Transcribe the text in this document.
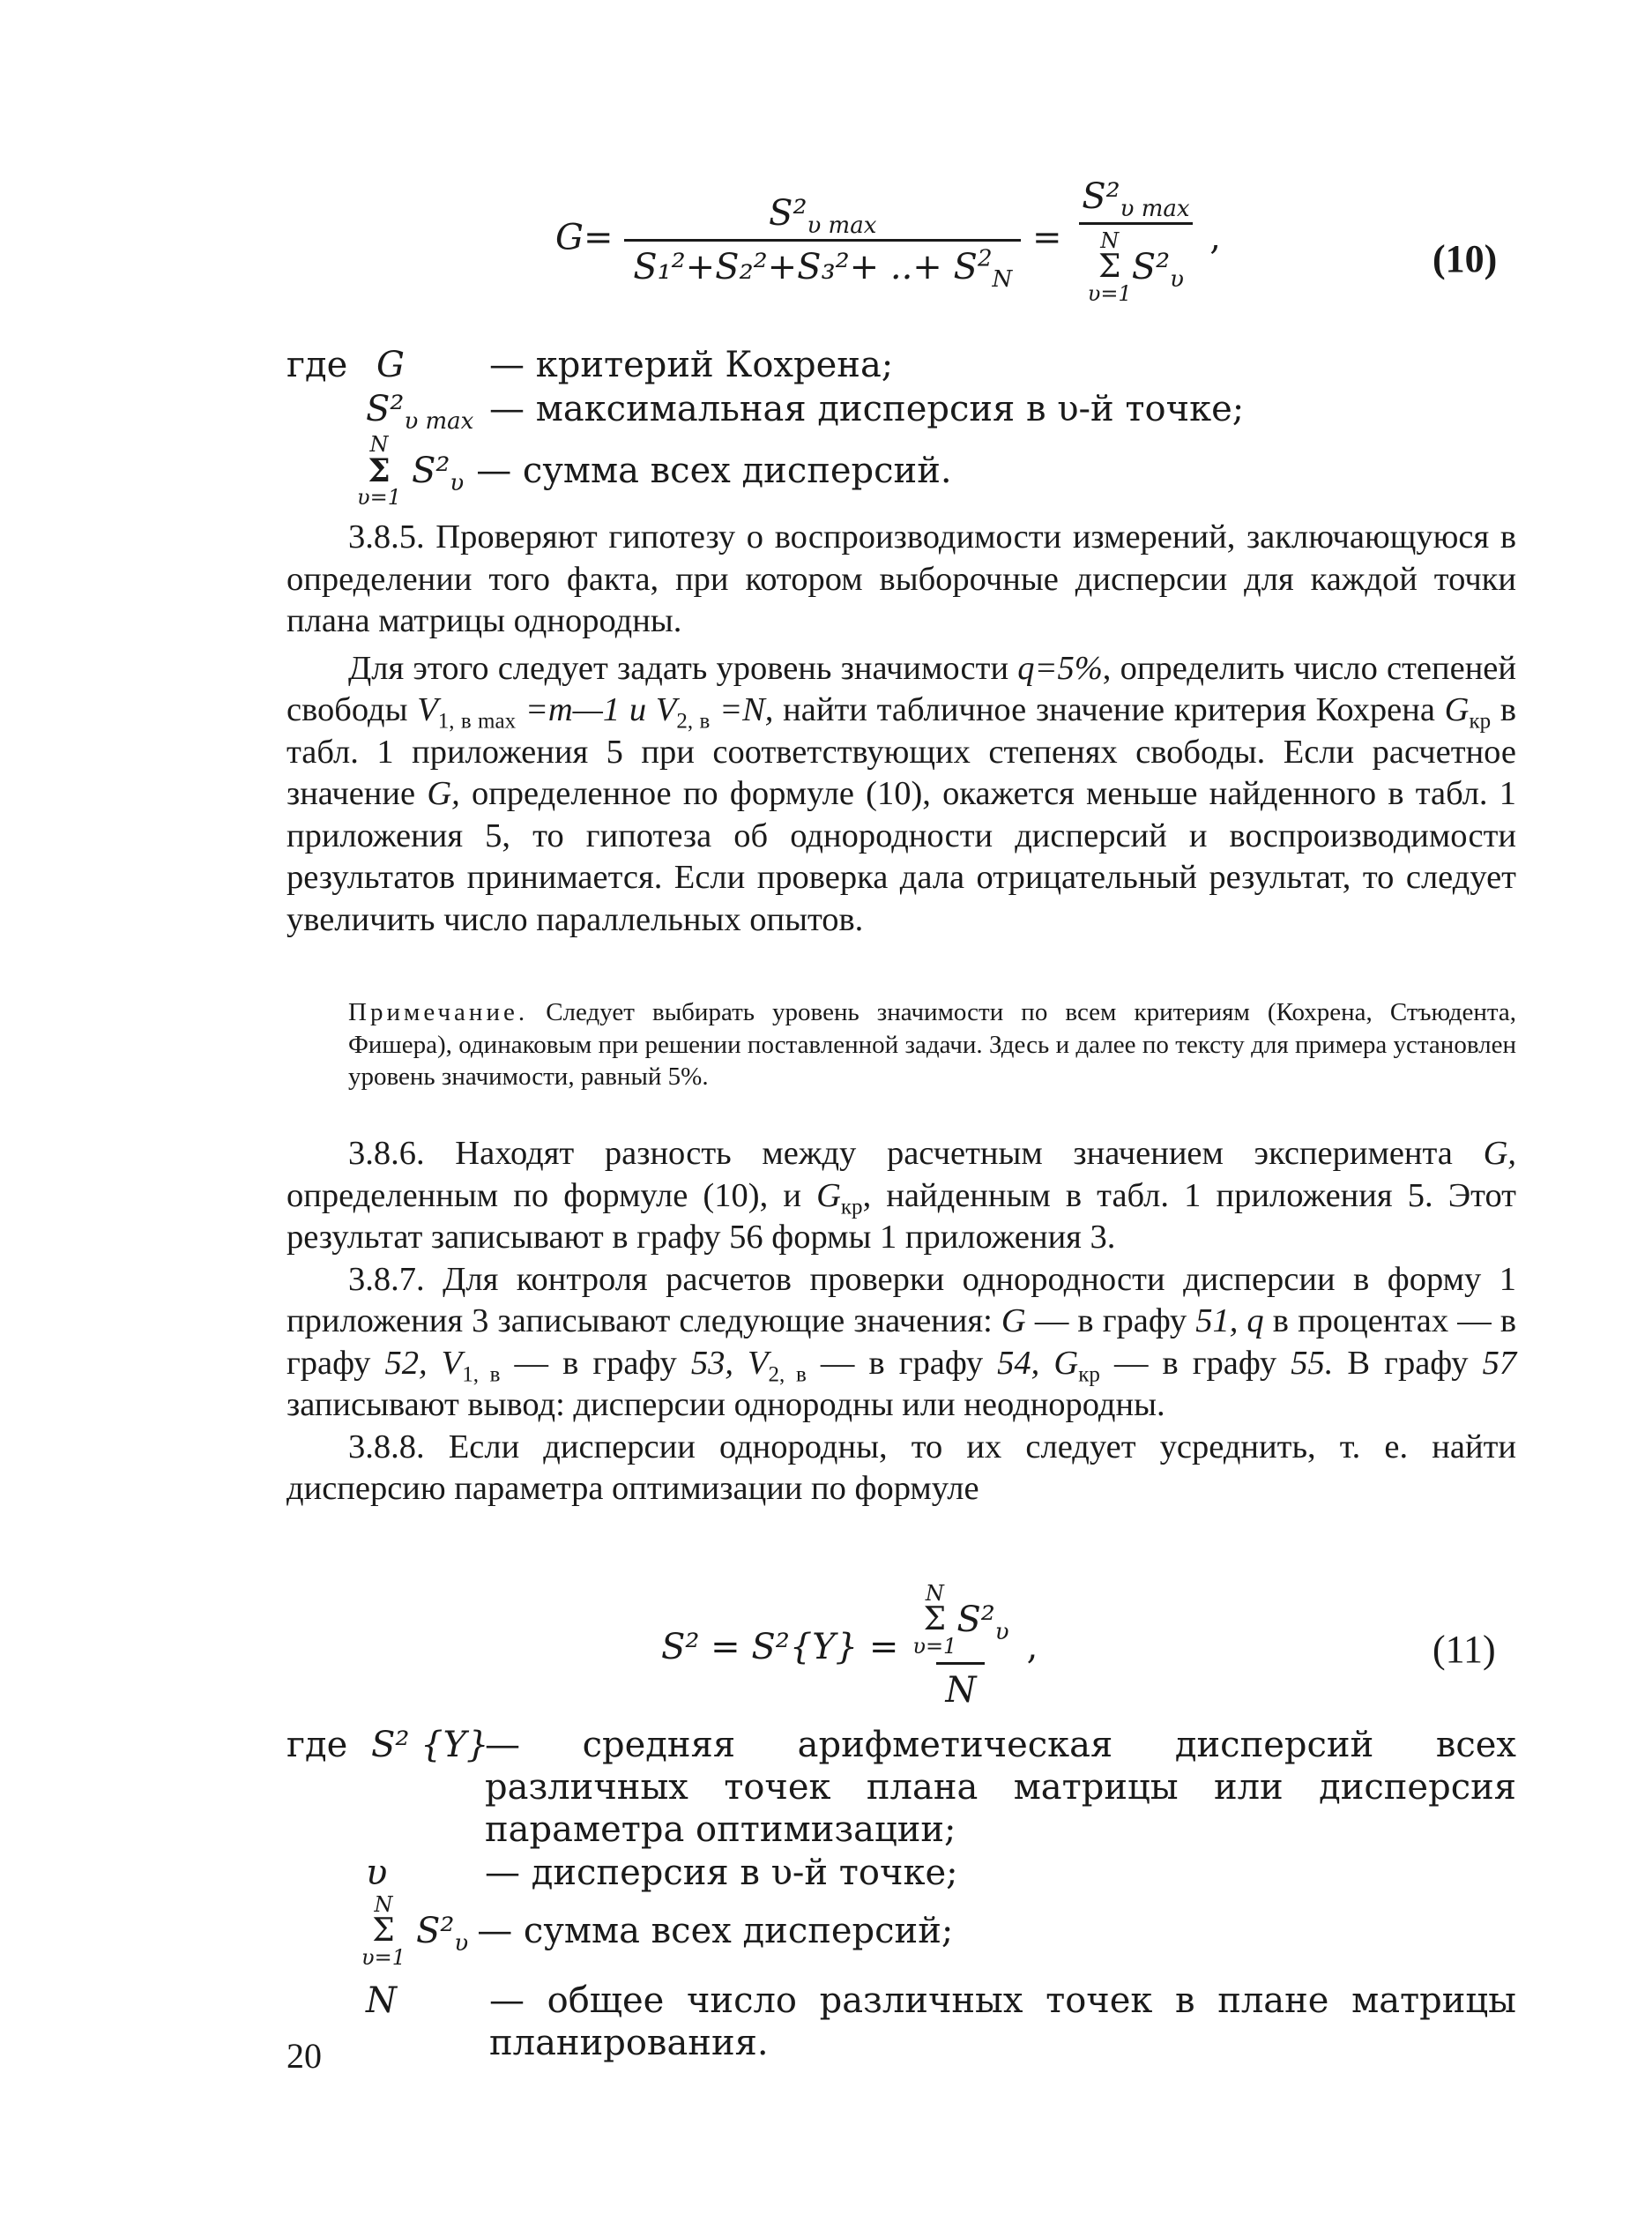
$G= \frac{S^2_{\upsilon max}}{S_1^2+S_2^2+S_3^2+ ..+ S^2_N} = S^2_{\upsilon max}$
N
Σ
υ=1
$S^2_\upsilon$ ,	(10)
где G — критерий Кохрена;
$S^2_{\upsilon max}$ — максимальная дисперсия в υ-й точке;
N
Σ
υ=1
$S^2_\upsilon$ — сумма всех дисперсий.

3.8.5. Проверяют гипотезу о воспроизводимости измерений, заключающуюся в определении того факта, при котором выборочные дисперсии для каждой точки плана матрицы однородны.

Для этого следует задать уровень значимости q=5%, определить число степеней свободы $V_{1, в max}$ =m—1 и $V_{2, в} =N$, найти табличное значение критерия Кохрена $G_{кр}$ в табл. 1 приложения 5 при соответствующих степенях свободы. Если расчетное значение G, определенное по формуле (10), окажется меньше найденного в табл. 1 приложения 5, то гипотеза об однородности дисперсий и воспроизводимости результатов принимается. Если проверка дала отрицательный результат, то следует увеличить число параллельных опытов.

Примечание. Следует выбирать уровень значимости по всем критериям (Кохрена, Стъюдента, Фишера), одинаковым при решении поставленной задачи. Здесь и далее по тексту для примера установлен уровень значимости, равный 5%.

3.8.6. Находят разность между расчетным значением эксперимента G, определенным по формуле (10), и $G_{кр}$, найденным в табл. 1 приложения 5. Этот результат записывают в графу 56 формы 1 приложения 3.

3.8.7. Для контроля расчетов проверки однородности дисперсии в форму 1 приложения 3 записывают следующие значения: G — в графу 51, q в процентах — в графу 52, $V_{1, в}$ — в графу 53, $V_{2, в}$ — в графу 54, $G_{кр}$ — в графу 55. В графу 57 записывают вывод: дисперсии однородны или неоднородны.

3.8.8. Если дисперсии однородны, то их следует усреднить, т. е. найти дисперсию параметра оптимизации по формуле

S² = S²{Y} = N
Σ
υ=1
$S^2_\upsilon$
N ,	(11)
где S² {Y}
— средняя арифметическая дисперсий всех различных точек плана матрицы или дисперсия параметра оптимизации;
υ	— дисперсия в υ-й точке;
N
Σ
υ=1
$S^2_\upsilon$ — сумма всех дисперсий;
N	— общее число различных точек в плане матрицы планирования.
20
